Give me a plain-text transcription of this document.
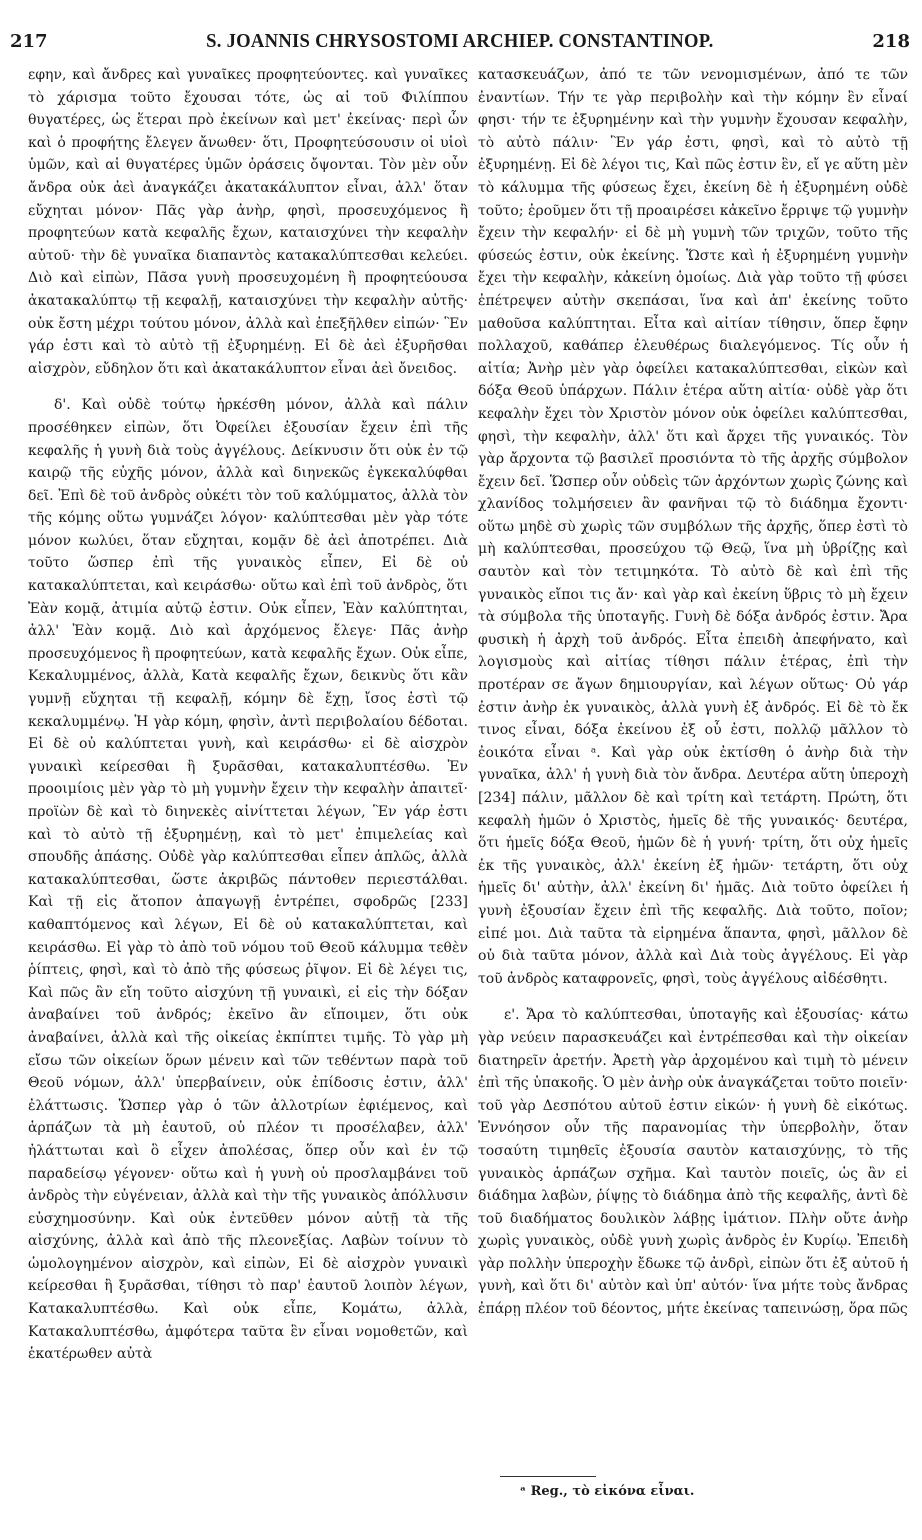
217	S. JOANNIS CHRYSOSTOMI ARCHIEP. CONSTANTINOP.	218

εφην, καὶ ἄνδρες καὶ γυναῖκες προφητεύοντες. καὶ γυναῖκες τὸ χάρισμα τοῦτο ἔχουσαι τότε, ὡς αἱ τοῦ Φιλίππου θυγατέρες, ὡς ἕτεραι πρὸ ἐκείνων καὶ μετ' ἐκείνας· περὶ ὧν καὶ ὁ προφήτης ἔλεγεν ἄνωθεν· ὅτι, Προφητεύσουσιν οἱ υἱοὶ ὑμῶν, καὶ αἱ θυγατέρες ὑμῶν ὁράσεις ὄψονται. Τὸν μὲν οὖν ἄνδρα οὐκ ἀεὶ ἀναγκάζει ἀκατακάλυπτον εἶναι, ἀλλ' ὅταν εὔχηται μόνον· Πᾶς γὰρ ἀνὴρ, φησὶ, προσευχόμενος ἢ προφητεύων κατὰ κεφαλῆς ἔχων, καταισχύνει τὴν κεφαλὴν αὐτοῦ· τὴν δὲ γυναῖκα διαπαντὸς κατακαλύπτεσθαι κελεύει. Διὸ καὶ εἰπὼν, Πᾶσα γυνὴ προσευχομένη ἢ προφητεύουσα ἀκατακαλύπτῳ τῇ κεφαλῇ, καταισχύνει τὴν κεφαλὴν αὐτῆς· οὐκ ἔστη μέχρι τούτου μόνον, ἀλλὰ καὶ ἐπεξῆλθεν εἰπών· Ἓν γάρ ἐστι καὶ τὸ αὐτὸ τῇ ἐξυρημένῃ. Εἰ δὲ ἀεὶ ἐξυρῆσθαι αἰσχρὸν, εὔδηλον ὅτι καὶ ἀκατακάλυπτον εἶναι ἀεὶ ὄνειδος.

δ'. Καὶ οὐδὲ τούτῳ ἠρκέσθη μόνον, ἀλλὰ καὶ πάλιν προσέθηκεν εἰπὼν, ὅτι Ὀφείλει ἐξουσίαν ἔχειν ἐπὶ τῆς κεφαλῆς ἡ γυνὴ διὰ τοὺς ἀγγέλους. Δείκνυσιν ὅτι οὐκ ἐν τῷ καιρῷ τῆς εὐχῆς μόνον, ἀλλὰ καὶ διηνεκῶς ἐγκεκαλύφθαι δεῖ. Ἐπὶ δὲ τοῦ ἀνδρὸς οὐκέτι τὸν τοῦ καλύμματος, ἀλλὰ τὸν τῆς κόμης οὕτω γυμνάζει λόγον· καλύπτεσθαι μὲν γὰρ τότε μόνον κωλύει, ὅταν εὔχηται, κομᾷν δὲ ἀεὶ ἀποτρέπει. Διὰ τοῦτο ὥσπερ ἐπὶ τῆς γυναικὸς εἶπεν, Εἰ δὲ οὐ κατακαλύπτεται, καὶ κειράσθω· οὕτω καὶ ἐπὶ τοῦ ἀνδρὸς, ὅτι Ἐὰν κομᾷ, ἀτιμία αὐτῷ ἐστιν. Οὐκ εἶπεν, Ἐὰν καλύπτηται, ἀλλ' Ἐὰν κομᾷ. Διὸ καὶ ἀρχόμενος ἔλεγε· Πᾶς ἀνὴρ προσευχόμενος ἢ προφητεύων, κατὰ κεφαλῆς ἔχων. Οὐκ εἶπε, Κεκαλυμμένος, ἀλλὰ, Κατὰ κεφαλῆς ἔχων, δεικνὺς ὅτι κἂν γυμνῇ εὔχηται τῇ κεφαλῇ, κόμην δὲ ἔχῃ, ἴσος ἐστὶ τῷ κεκαλυμμένῳ. Ἡ γὰρ κόμη, φησὶν, ἀντὶ περιβολαίου δέδοται. Εἰ δὲ οὐ καλύπτεται γυνὴ, καὶ κειράσθω· εἰ δὲ αἰσχρὸν γυναικὶ κείρεσθαι ἢ ξυρᾶσθαι, κατακαλυπτέσθω. Ἐν προοιμίοις μὲν γὰρ τὸ μὴ γυμνὴν ἔχειν τὴν κεφαλὴν ἀπαιτεῖ· προϊὼν δὲ καὶ τὸ διηνεκὲς αἰνίττεται λέγων, Ἓν γάρ ἐστι καὶ τὸ αὐτὸ τῇ ἐξυρημένῃ, καὶ τὸ μετ' ἐπιμελείας καὶ σπουδῆς ἁπάσης. Οὐδὲ γὰρ καλύπτεσθαι εἶπεν ἁπλῶς, ἀλλὰ κατακαλύπτεσθαι, ὥστε ἀκριβῶς πάντοθεν περιεστάλθαι. Καὶ τῇ εἰς ἄτοπον ἀπαγωγῇ ἐντρέπει, σφοδρῶς [233] καθαπτόμενος καὶ λέγων, Εἰ δὲ οὐ κατακαλύπτεται, καὶ κειράσθω. Εἰ γὰρ τὸ ἀπὸ τοῦ νόμου τοῦ Θεοῦ κάλυμμα τεθὲν ῥίπτεις, φησὶ, καὶ τὸ ἀπὸ τῆς φύσεως ῥῖψον. Εἰ δὲ λέγει τις, Καὶ πῶς ἂν εἴη τοῦτο αἰσχύνη τῇ γυναικὶ, εἰ εἰς τὴν δόξαν ἀναβαίνει τοῦ ἀνδρός; ἐκεῖνο ἂν εἴποιμεν, ὅτι οὐκ ἀναβαίνει, ἀλλὰ καὶ τῆς οἰκείας ἐκπίπτει τιμῆς. Τὸ γὰρ μὴ εἴσω τῶν οἰκείων ὅρων μένειν καὶ τῶν τεθέντων παρὰ τοῦ Θεοῦ νόμων, ἀλλ' ὑπερβαίνειν, οὐκ ἐπίδοσις ἐστιν, ἀλλ' ἐλάττωσις. Ὥσπερ γὰρ ὁ τῶν ἀλλοτρίων ἐφιέμενος, καὶ ἁρπάζων τὰ μὴ ἑαυτοῦ, οὐ πλέον τι προσέλαβεν, ἀλλ' ἠλάττωται καὶ ὃ εἶχεν ἀπολέσας, ὅπερ οὖν καὶ ἐν τῷ παραδείσῳ γέγονεν· οὕτω καὶ ἡ γυνὴ οὐ προσλαμβάνει τοῦ ἀνδρὸς τὴν εὐγένειαν, ἀλλὰ καὶ τὴν τῆς γυναικὸς ἀπόλλυσιν εὐσχημοσύνην. Καὶ οὐκ ἐντεῦθεν μόνον αὐτῇ τὰ τῆς αἰσχύνης, ἀλλὰ καὶ ἀπὸ τῆς πλεονεξίας. Λαβὼν τοίνυν τὸ ὡμολογημένον αἰσχρὸν, καὶ εἰπὼν, Εἰ δὲ αἰσχρὸν γυναικὶ κείρεσθαι ἢ ξυρᾶσθαι, τίθησι τὸ παρ' ἑαυτοῦ λοιπὸν λέγων, Κατακαλυπτέσθω. Καὶ οὐκ εἶπε, Κομάτω, ἀλλὰ, Κατακαλυπτέσθω, ἀμφότερα ταῦτα ἓν εἶναι νομοθετῶν, καὶ ἑκατέρωθεν αὐτὰ

κατασκευάζων, ἀπό τε τῶν νενομισμένων, ἀπό τε τῶν ἐναντίων. Τήν τε γὰρ περιβολὴν καὶ τὴν κόμην ἓν εἶναί φησι· τήν τε ἐξυρημένην καὶ τὴν γυμνὴν ἔχουσαν κεφαλὴν, τὸ αὐτὸ πάλιν· Ἓν γάρ ἐστι, φησὶ, καὶ τὸ αὐτὸ τῇ ἐξυρημένῃ. Εἰ δὲ λέγοι τις, Καὶ πῶς ἐστιν ἓν, εἴ γε αὕτη μὲν τὸ κάλυμμα τῆς φύσεως ἔχει, ἐκείνη δὲ ἡ ἐξυρημένη οὐδὲ τοῦτο; ἐροῦμεν ὅτι τῇ προαιρέσει κἀκεῖνο ἔρριψε τῷ γυμνὴν ἔχειν τὴν κεφαλήν· εἰ δὲ μὴ γυμνὴ τῶν τριχῶν, τοῦτο τῆς φύσεώς ἐστιν, οὐκ ἐκείνης. Ὥστε καὶ ἡ ἐξυρημένη γυμνὴν ἔχει τὴν κεφαλὴν, κἀκείνη ὁμοίως. Διὰ γὰρ τοῦτο τῇ φύσει ἐπέτρεψεν αὐτὴν σκεπάσαι, ἵνα καὶ ἀπ' ἐκείνης τοῦτο μαθοῦσα καλύπτηται. Εἶτα καὶ αἰτίαν τίθησιν, ὅπερ ἔφην πολλαχοῦ, καθάπερ ἐλευθέρως διαλεγόμενος. Τίς οὖν ἡ αἰτία; Ἀνὴρ μὲν γὰρ ὀφείλει κατακαλύπτεσθαι, εἰκὼν καὶ δόξα Θεοῦ ὑπάρχων. Πάλιν ἑτέρα αὕτη αἰτία· οὐδὲ γὰρ ὅτι κεφαλὴν ἔχει τὸν Χριστὸν μόνον οὐκ ὀφείλει καλύπτεσθαι, φησὶ, τὴν κεφαλὴν, ἀλλ' ὅτι καὶ ἄρχει τῆς γυναικός. Τὸν γὰρ ἄρχοντα τῷ βασιλεῖ προσιόντα τὸ τῆς ἀρχῆς σύμβολον ἔχειν δεῖ. Ὥσπερ οὖν οὐδεὶς τῶν ἀρχόντων χωρὶς ζώνης καὶ χλανίδος τολμήσειεν ἂν φανῆναι τῷ τὸ διάδημα ἔχοντι· οὕτω μηδὲ σὺ χωρὶς τῶν συμβόλων τῆς ἀρχῆς, ὅπερ ἐστὶ τὸ μὴ καλύπτεσθαι, προσεύχου τῷ Θεῷ, ἵνα μὴ ὑβρίζῃς καὶ σαυτὸν καὶ τὸν τετιμηκότα. Τὸ αὐτὸ δὲ καὶ ἐπὶ τῆς γυναικὸς εἴποι τις ἄν· καὶ γὰρ καὶ ἐκείνη ὕβρις τὸ μὴ ἔχειν τὰ σύμβολα τῆς ὑποταγῆς. Γυνὴ δὲ δόξα ἀνδρός ἐστιν. Ἄρα φυσικὴ ἡ ἀρχὴ τοῦ ἀνδρός. Εἶτα ἐπειδὴ ἀπεφήνατο, καὶ λογισμοὺς καὶ αἰτίας τίθησι πάλιν ἑτέρας, ἐπὶ τὴν προτέραν σε ἄγων δημιουργίαν, καὶ λέγων οὕτως· Οὐ γάρ ἐστιν ἀνὴρ ἐκ γυναικὸς, ἀλλὰ γυνὴ ἐξ ἀνδρός. Εἰ δὲ τὸ ἔκ τινος εἶναι, δόξα ἐκείνου ἐξ οὗ ἐστι, πολλῷ μᾶλλον τὸ ἐοικότα εἶναι ᵃ. Καὶ γὰρ οὐκ ἐκτίσθη ὁ ἀνὴρ διὰ τὴν γυναῖκα, ἀλλ' ἡ γυνὴ διὰ τὸν ἄνδρα. Δευτέρα αὕτη ὑπεροχὴ [234] πάλιν, μᾶλλον δὲ καὶ τρίτη καὶ τετάρτη. Πρώτη, ὅτι κεφαλὴ ἡμῶν ὁ Χριστὸς, ἡμεῖς δὲ τῆς γυναικός· δευτέρα, ὅτι ἡμεῖς δόξα Θεοῦ, ἡμῶν δὲ ἡ γυνή· τρίτη, ὅτι οὐχ ἡμεῖς ἐκ τῆς γυναικὸς, ἀλλ' ἐκείνη ἐξ ἡμῶν· τετάρτη, ὅτι οὐχ ἡμεῖς δι' αὐτὴν, ἀλλ' ἐκείνη δι' ἡμᾶς. Διὰ τοῦτο ὀφείλει ἡ γυνὴ ἐξουσίαν ἔχειν ἐπὶ τῆς κεφαλῆς. Διὰ τοῦτο, ποῖον; εἰπέ μοι. Διὰ ταῦτα τὰ εἰρημένα ἅπαντα, φησὶ, μᾶλλον δὲ οὐ διὰ ταῦτα μόνον, ἀλλὰ καὶ Διὰ τοὺς ἀγγέλους. Εἰ γὰρ τοῦ ἀνδρὸς καταφρονεῖς, φησὶ, τοὺς ἀγγέλους αἰδέσθητι.

ε'. Ἄρα τὸ καλύπτεσθαι, ὑποταγῆς καὶ ἐξουσίας· κάτω γὰρ νεύειν παρασκευάζει καὶ ἐντρέπεσθαι καὶ τὴν οἰκείαν διατηρεῖν ἀρετήν. Ἀρετὴ γὰρ ἀρχομένου καὶ τιμὴ τὸ μένειν ἐπὶ τῆς ὑπακοῆς. Ὁ μὲν ἀνὴρ οὐκ ἀναγκάζεται τοῦτο ποιεῖν· τοῦ γὰρ Δεσπότου αὐτοῦ ἐστιν εἰκών· ἡ γυνὴ δὲ εἰκότως. Ἐννόησον οὖν τῆς παρανομίας τὴν ὑπερβολὴν, ὅταν τοσαύτη τιμηθεῖς ἐξουσία σαυτὸν καταισχύνῃς, τὸ τῆς γυναικὸς ἁρπάζων σχῆμα. Καὶ ταυτὸν ποιεῖς, ὡς ἂν εἰ διάδημα λαβὼν, ῥίψῃς τὸ διάδημα ἀπὸ τῆς κεφαλῆς, ἀντὶ δὲ τοῦ διαδήματος δουλικὸν λάβῃς ἱμάτιον. Πλὴν οὔτε ἀνὴρ χωρὶς γυναικὸς, οὐδὲ γυνὴ χωρὶς ἀνδρὸς ἐν Κυρίῳ. Ἐπειδὴ γὰρ πολλὴν ὑπεροχὴν ἔδωκε τῷ ἀνδρὶ, εἰπὼν ὅτι ἐξ αὐτοῦ ἡ γυνὴ, καὶ ὅτι δι' αὐτὸν καὶ ὑπ' αὐτόν· ἵνα μήτε τοὺς ἄνδρας ἐπάρῃ πλέον τοῦ δέοντος, μήτε ἐκείνας ταπεινώσῃ, ὅρα πῶς

ᵃ Reg., τὸ εἰκόνα εἶναι.
